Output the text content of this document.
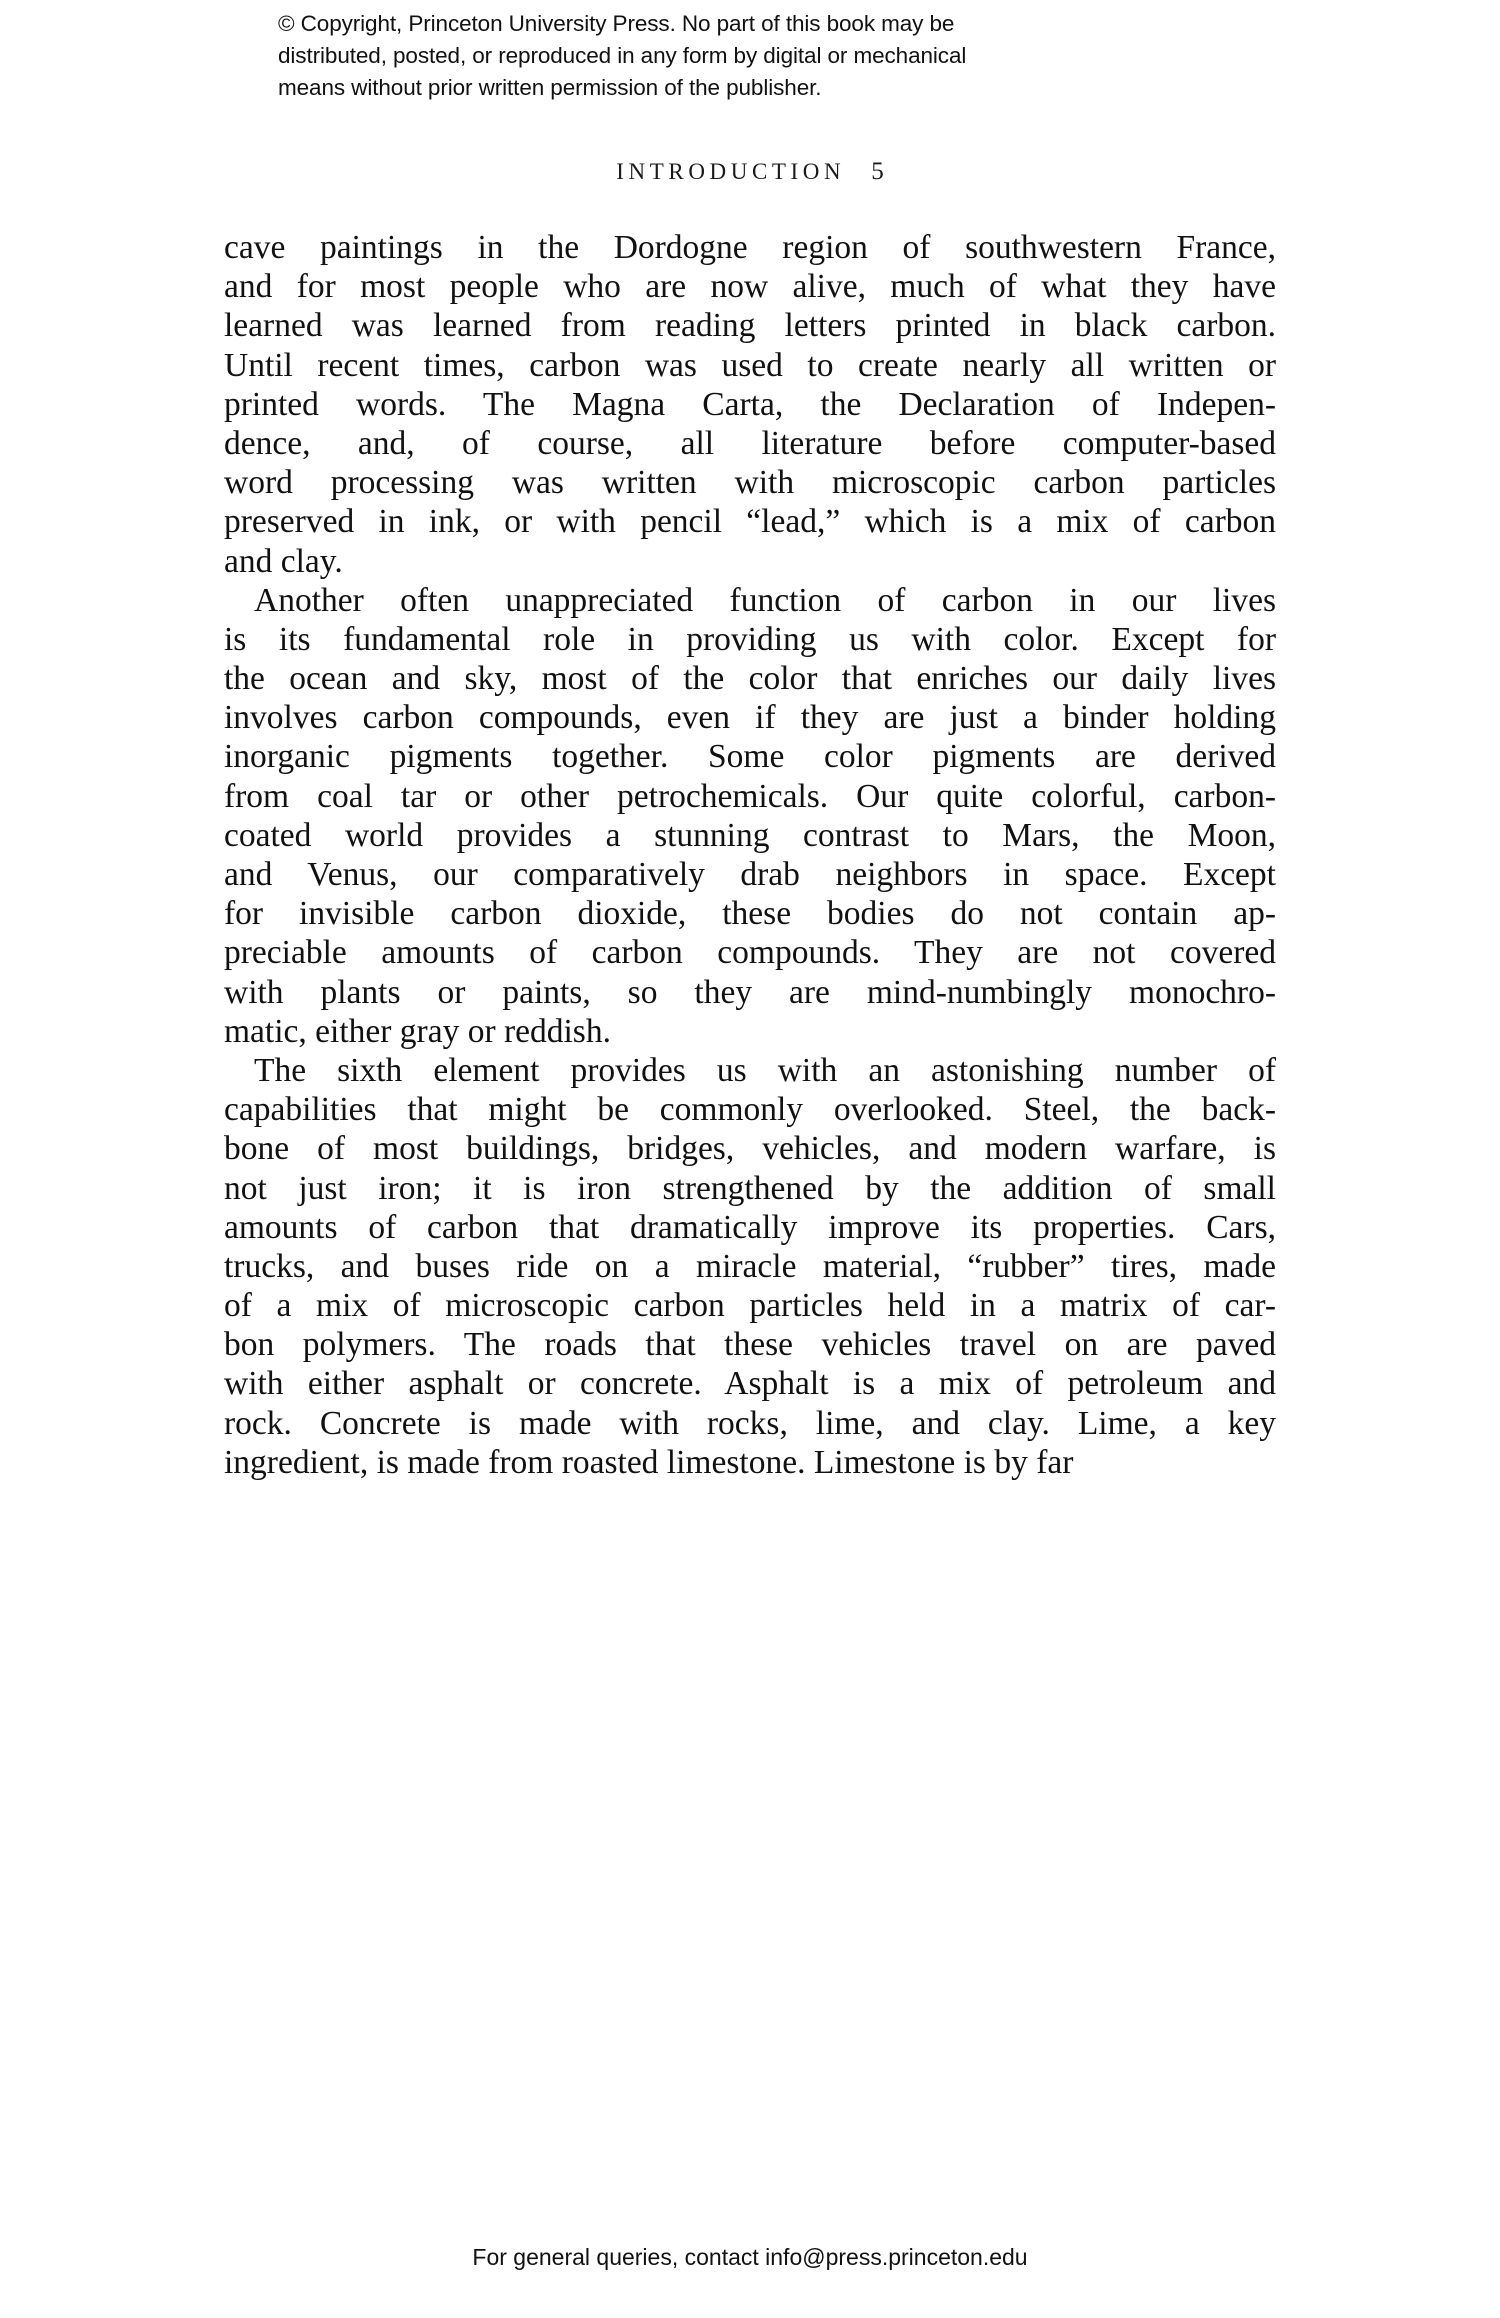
© Copyright, Princeton University Press. No part of this book may be
distributed, posted, or reproduced in any form by digital or mechanical
means without prior written permission of the publisher.
INTRODUCTION 5

cave paintings in the Dordogne region of southwestern France,
and for most people who are now alive, much of what they have
learned was learned from reading letters printed in black carbon.
Until recent times, carbon was used to create nearly all written or
printed words. The Magna Carta, the Declaration of Indepen-
dence, and, of course, all literature before computer-based
word processing was written with microscopic carbon particles
preserved in ink, or with pencil “lead,” which is a mix of carbon
and clay.

Another often unappreciated function of carbon in our lives
is its fundamental role in providing us with color. Except for
the ocean and sky, most of the color that enriches our daily lives
involves carbon compounds, even if they are just a binder holding
inorganic pigments together. Some color pigments are derived
from coal tar or other petrochemicals. Our quite colorful, carbon-
coated world provides a stunning contrast to Mars, the Moon,
and Venus, our comparatively drab neighbors in space. Except
for invisible carbon dioxide, these bodies do not contain ap-
preciable amounts of carbon compounds. They are not covered
with plants or paints, so they are mind-numbingly monochro-
matic, either gray or reddish.

The sixth element provides us with an astonishing number of
capabilities that might be commonly overlooked. Steel, the back-
bone of most buildings, bridges, vehicles, and modern warfare, is
not just iron; it is iron strengthened by the addition of small
amounts of carbon that dramatically improve its properties. Cars,
trucks, and buses ride on a miracle material, “rubber” tires, made
of a mix of microscopic carbon particles held in a matrix of car-
bon polymers. The roads that these vehicles travel on are paved
with either asphalt or concrete. Asphalt is a mix of petroleum and
rock. Concrete is made with rocks, lime, and clay. Lime, a key
ingredient, is made from roasted limestone. Limestone is by far

For general queries, contact info@press.princeton.edu
